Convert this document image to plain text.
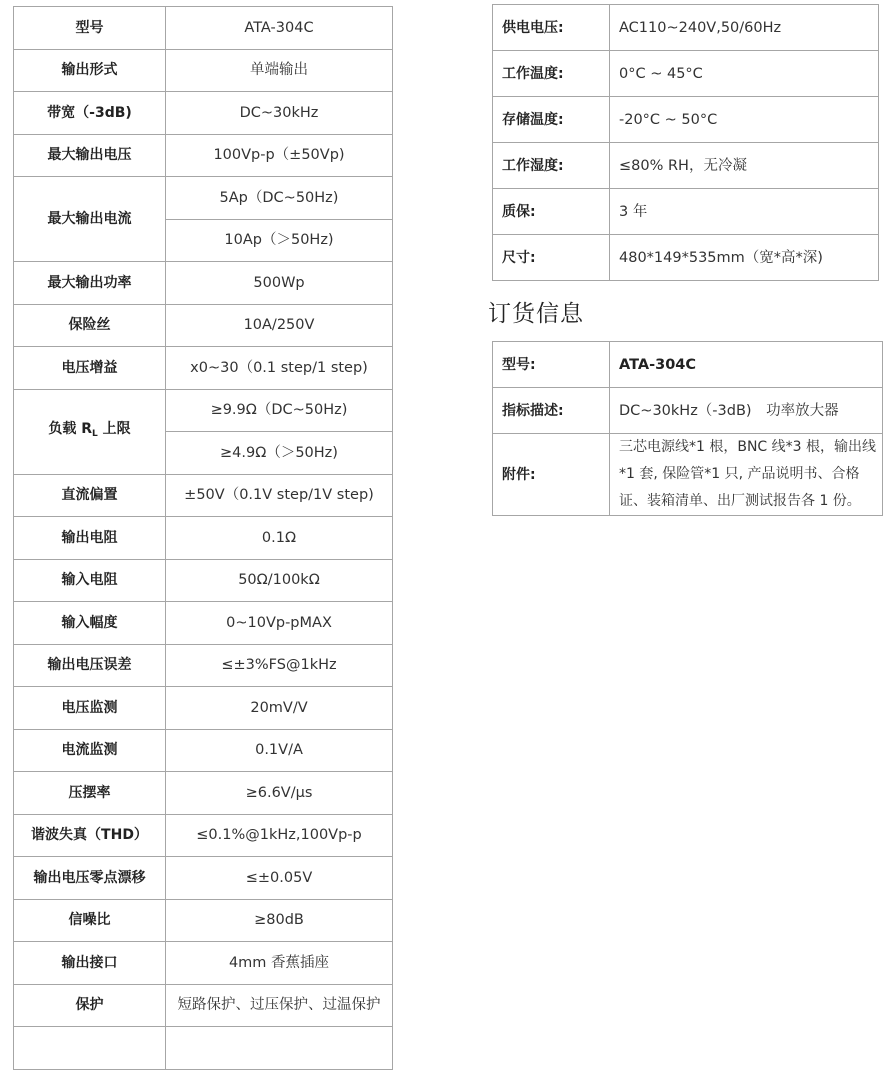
型号	ATA-304C
输出形式	单端输出
带宽（-3dB)	DC~30kHz
最大输出电压	100Vp-p（±50Vp)
最大输出电流	5Ap（DC~50Hz)
	10Ap（＞50Hz)
最大输出功率	500Wp
保险丝	10A/250V
电压增益	x0~30（0.1 step/1 step)
负载 $R_L$ 上限	≥9.9Ω（DC~50Hz)
	≥4.9Ω（＞50Hz)
直流偏置	±50V（0.1V step/1V step)
输出电阻	0.1Ω
输入电阻	50Ω/100kΩ
输入幅度	0~10Vp-pMAX
输出电压误差	≤±3%FS@1kHz
电压监测	20mV/V
电流监测	0.1V/A
压摆率	≥6.6V/μs
谐波失真（THD）	≤0.1%@1kHz,100Vp-p
输出电压零点漂移	≤±0.05V
信噪比	≥80dB
输出接口	4mm 香蕉插座
保护	短路保护、过压保护、过温保护

供电电压:	AC110~240V,50/60Hz
工作温度:	0°C ~ 45°C
存储温度:	-20°C ~ 50°C
工作湿度:	≤80% RH，无冷凝
质保:	3 年
尺寸:	480*149*535mm（宽*高*深)
订货信息
型号:	ATA-304C
指标描述:	DC~30kHz（-3dB)　功率放大器
附件:	三芯电源线*1 根，BNC 线*3 根，输出线*1 套, 保险管*1 只, 产品说明书、合格证、装箱清单、出厂测试报告各 1 份。
